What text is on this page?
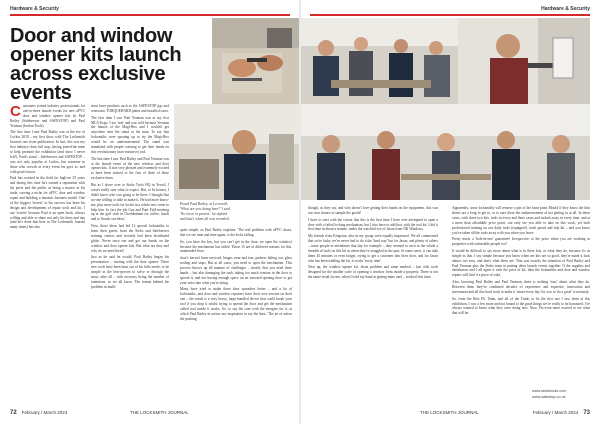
Hardware & Security	Hardware & Security
Door and window opener kits launch across exclusive events
Proud Paul Bailey, at Lovewell, 'What are you doing here?' I said. 'No force to protect,' he replied and that's when all was revealed.
C ustomers joined industry professionals for one-to-three launch events for new uPVC door and window opener kits by Paul Bailey (Safebrewer and SAFESTOP) and Paul Yeoman (Jordan Tools).

The first time I met Paul Bailey was at the eve of Lockss 2018 – my first show with The Locksmith Journal, one sister publication. In fact, this was my first industry show full stop, having joined the team to help promote the exhibition (and show I never left!). Paul's stand – Safebrewer and SAFESTOP – was not only popular at Lockss, but someone in those who crowds at every event his goes to, and with good reason.

Paul has worked in the field for high-on 35 years and during this time he's earned a reputation with his peers and the public as being a master in his trade, carving a niche for uPVC door and window repair and building a fantastic business model. One of the biggest 'secrets' to his success has been his design and development of repair tools and kit. I say 'secrets' because Paul is an open book, always willing and able to share not only his hints and tips (and he's done that here in The Locksmith Journal many times) but also

most have products such as the SAFESTOP jigs and renovator, TORQUEHARD plates and installed cases.

The first time I saw Paul Yeoman was at my first MLA Expo. I too 'met' and was sold because Yeoman the launch of the Magi-Box and I couldn't get anywhere near the stand or the man. To say that locksmiths were queuing up to try the Magi-Box would be an understatement! The stand was inundated with people wanting to get their hands on this revolutionary (non-intrusive) tool.

The last time I saw Paul Bailey and Paul Yeoman was at the launch event of the new window and door opener kits. It was very pleased and extremely excited to have been invited to the first of three of these exclusive dates.

But as I drove over to Stoke Tools HQ in Yeovil, I wasn't really sure what to expect. But, to be honest, I didn't know who was going to be there. I thought that no-one willing or able to make it. He had more know-me, plus more tools for locals in a whole new room to help him. In fact the job Gaz and Paul Fyld meeting up at the golf club in Cheddenham for coffee, lunch and to 'thrash out ideas'.

Now, these ideas had led 12 special locksmiths to learn their guests from the Stoke and Safebrewer training centres and recently had been distributed globe. Never once run and get our hands on the window and door opener kits. But what are they and why do we need them?

Just as he said he would, Paul Bailey began his presentation – starting with the door opener. These new tools have been born out of his little needs, to be simple in the best-proven to solve or through the most, after all – with accuracy being the number of intentions, so we all know. The format behind the problem in multi-

quite simple, as Paul Bailey explains: 'The real problem with uPVC doors, that we see time and time again, is the locks failing.

So, you have the key, but you can't get in the door, no open the window) because the mechanism has failed. Those 15 are of different reasons for this, unintended fixes.

door's haven't been serviced, hinges wear and tear, pushers failing out, glass sealing and stops. But at all cases, you need to open the mechanism. This process throws up all manner of challenges – mostly that you need three hands – but also damaging the sash, taking too much tension in the door to spread it, and not having enough space on an outward-opening door to get your wrist into what you're doing.

Many have tried to make these door spreaders better – and a lot of locksmiths, and door and window repairers have their own version on their van – the result is a very heavy, large-handled device that could break your tool if you drop it whilst trying to spread the door and get the mechanism called tool inside it works. So, to say the case with the energies for it, at which Paul Bailey in action saw inspiration to say the least. 'The jet of action the pushing

though, as they say, and who doesn't love getting their hands on the equipment, this was our own chance to sample the goods!

I have to start with the caveat that this is the first time I have ever attempted to open a door with a failed locking mechanism, but I also have to add that, with the tool kit, I did it first time in about a minute, under the watchful eye of Jason from NK Windows.

My friends from Kingston, also in my group were equally impressed. We all commented that we're lucky we've never had to do it the 'hard way' but for Jason, and plenty of others – some people in attendance that day for example – they seemed to each to the whole a breadth of tools on this kit as when they're struggled in the past. In some cases, it can take them 45 minutes or even longer, trying to get a customer into their door, and for Jason who has been trialling the kit, it works 'every time'.

Next up, the window opener kit. Jason problem and same method – fast with tools designed for the smaller scale of opening a window from inside a property. There is not the same result for me, when I tried my hand at getting mine one) – worked first time.

Apparently, some locksmiths will remove a pin of the bead point Mould if they know the thin sheets are a long to get to, or to sure there the embarrassment of not getting in at all. In these cases, with these two kits, tools in every and there cases and tucked away in every time, and at a more than affordable price point, can only see you able to take on this work, yet both professional training on our daily tools (equipped), tooth proud and tidy kit – and you know you've taken all the tools away with you when you leave.

Pretty much a 'hole-in-one' guarantee! Irrespective of the price when you are working in properties with vulnerable people too!

It would be difficult to say more about what is in these kits, or what they do, because it's as simple as that. I say simple because you know when are kits are so good, they're made it look almost too easy, and that's what these are. That was exactly the intention of Paul Bailey and Paul Yeoman plus the Stoke team in putting these launch events together. If the supplies and distributors and I all agree it with the price of kit, then the locksmiths and door and window repairs will find it a piece of cake.

Also, knowing Paul Bailey and Paul Yeoman, there is nothing 'easy' about what they do. Between them they've combined decades of experience and expertise, innovation and investment and all this hard work to make it 'smart every day' for you to 'do a good' it seriously.

So, from the Best Plc Team, and all of the Trade, to be the first one I saw them at this exhibition, I was a few more and not bound to the good things we've really to be honoured. I've always wanted to know what they were doing now. Now, I'm even more excited to see what that will be.

www.stoketools.com
www.safestop.co.uk
72 February / March 2024	THE LOCKSMITH JOURNAL	THE LOCKSMITH JOURNAL	February / March 2024 73
